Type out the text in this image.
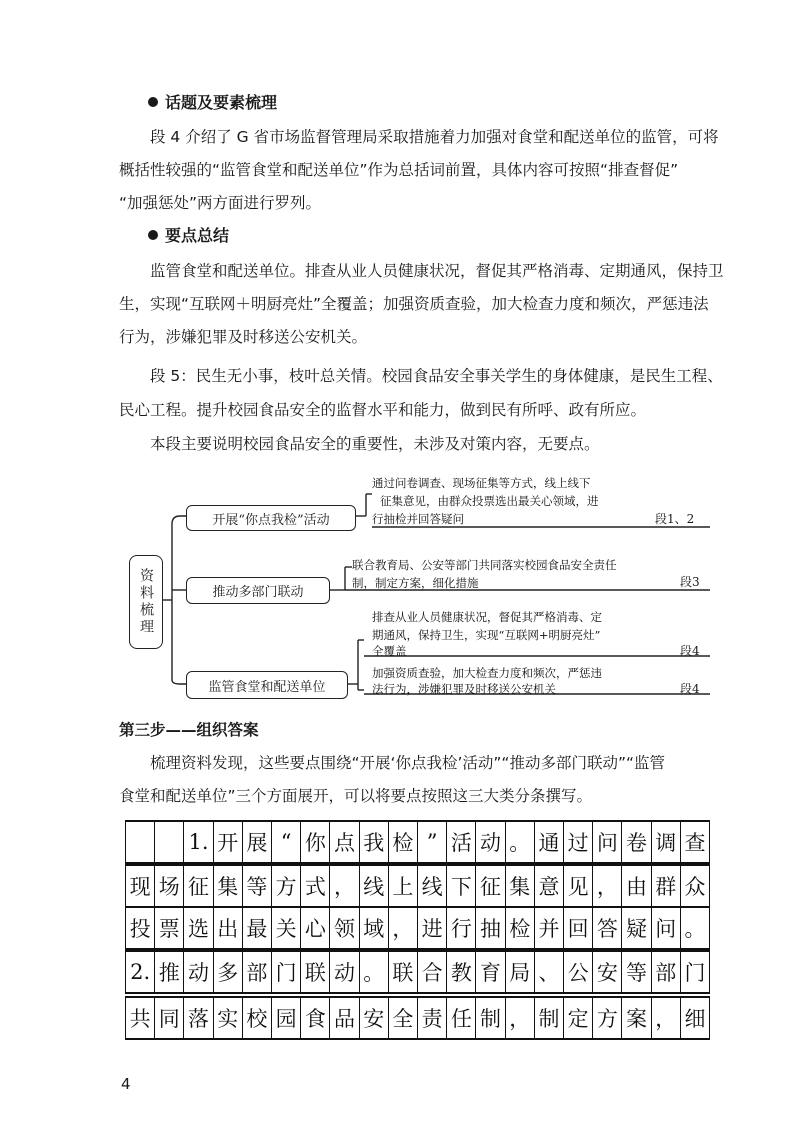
话题及要素梳理
段 4 介绍了 G 省市场监督管理局采取措施着力加强对食堂和配送单位的监管，可将
概括性较强的“监管食堂和配送单位”作为总括词前置，具体内容可按照“排查督促”
“加强惩处”两方面进行罗列。
要点总结
监管食堂和配送单位。排查从业人员健康状况，督促其严格消毒、定期通风，保持卫
生，实现“互联网＋明厨亮灶”全覆盖；加强资质查验，加大检查力度和频次，严惩违法
行为，涉嫌犯罪及时移送公安机关。
段 5：民生无小事，枝叶总关情。校园食品安全事关学生的身体健康，是民生工程、
民心工程。提升校园食品安全的监督水平和能力，做到民有所呼、政有所应。
本段主要说明校园食品安全的重要性，未涉及对策内容，无要点。
资料梳理
开展“你点我检”活动
通过问卷调查、现场征集等方式，线上线下
征集意见，由群众投票选出最关心领域，进
行抽检并回答疑问	段1、2
推动多部门联动
联合教育局、公安等部门共同落实校园食品安全责任
制，制定方案，细化措施	段3
监管食堂和配送单位
排查从业人员健康状况，督促其严格消毒、定
期通风，保持卫生，实现“互联网+明厨亮灶”
全覆盖	段4
加强资质查验，加大检查力度和频次，严惩违
法行为，涉嫌犯罪及时移送公安机关	段4
第三步——组织答案
梳理资料发现，这些要点围绕“开展‘你点我检’活动”“推动多部门联动”“监管
食堂和配送单位”三个方面展开，可以将要点按照这三大类分条撰写。
1. 开 展 “ 你 点 我 检 ” 活 动 。 通 过 问 卷 调 查
现 场 征 集 等 方 式 ， 线 上 线 下 征 集 意 见 ， 由 群 众
投 票 选 出 最 关 心 领 域 ， 进 行 抽 检 并 回 答 疑 问 。
2. 推 动 多 部 门 联 动 。 联 合 教 育 局 、 公 安 等 部 门
共 同 落 实 校 园 食 品 安 全 责 任 制 ， 制 定 方 案 ， 细
4
